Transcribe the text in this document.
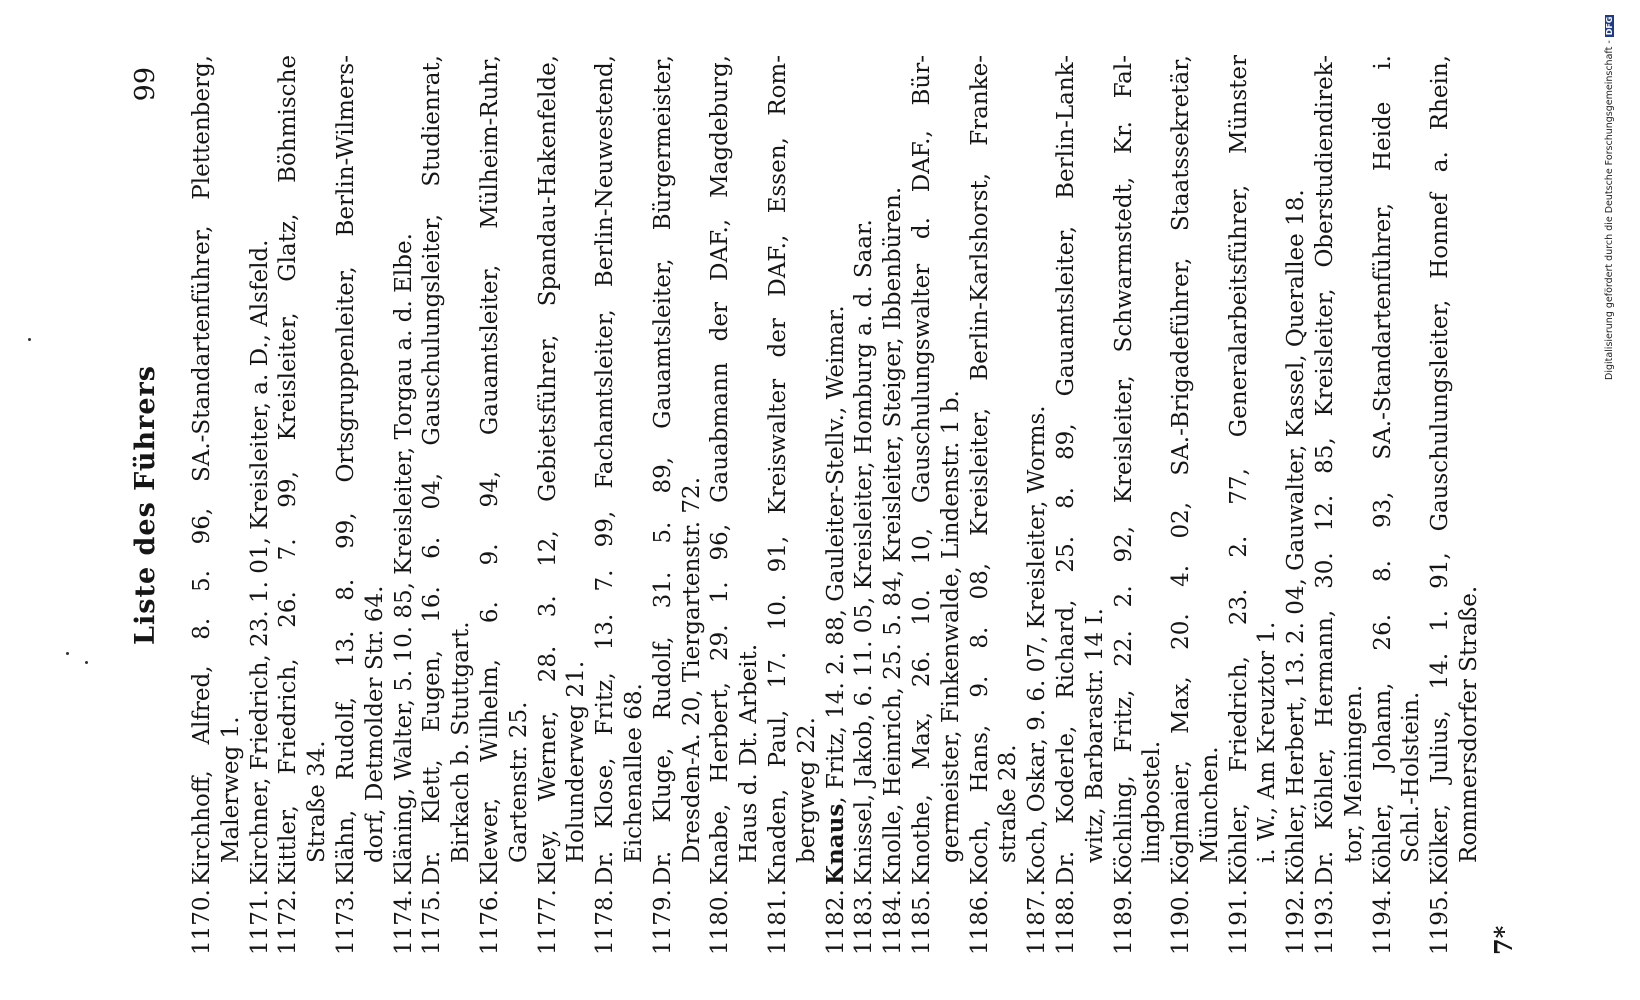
Liste des Führers
99
1170.
Kirchhoff, Alfred, 8. 5. 96, SA.-Standartenführer, Plettenberg, Malerweg 1.
1171.
Kirchner, Friedrich, 23. 1. 01, Kreisleiter, a. D., Alsfeld.
1172.
Kittler, Friedrich, 26. 7. 99, Kreisleiter, Glatz, Böhmische Straße 34.
1173.
Klähn, Rudolf, 13. 8. 99, Ortsgruppenleiter, Berlin-Wilmers- dorf, Detmolder Str. 64.
1174.
Kläning, Walter, 5. 10. 85, Kreisleiter, Torgau a. d. Elbe.
1175.
Dr. Klett, Eugen, 16. 6. 04, Gauschulungsleiter, Studienrat, Birkach b. Stuttgart.
1176.
Klewer, Wilhelm, 6. 9. 94, Gauamtsleiter, Mülheim-Ruhr, Gartenstr. 25.
1177.
Kley, Werner, 28. 3. 12, Gebietsführer, Spandau-Hakenfelde, Holunderweg 21.
1178.
Dr. Klose, Fritz, 13. 7. 99, Fachamtsleiter, Berlin-Neuwestend, Eichenallee 68.
1179.
Dr. Kluge, Rudolf, 31. 5. 89, Gauamtsleiter, Bürgermeister, Dresden-A. 20, Tiergartenstr. 72.
1180.
Knabe, Herbert, 29. 1. 96, Gauabmann der DAF., Magdeburg, Haus d. Dt. Arbeit.
1181.
Knaden, Paul, 17. 10. 91, Kreiswalter der DAF., Essen, Rom- bergweg 22.
1182.
Knaus, Fritz, 14. 2. 88, Gauleiter-Stellv., Weimar.
1183.
Knissel, Jakob, 6. 11. 05, Kreisleiter, Homburg a. d. Saar.
1184.
Knolle, Heinrich, 25. 5. 84, Kreisleiter, Steiger, Ibbenbüren.
1185.
Knothe, Max, 26. 10. 10, Gauschulungswalter d. DAF., Bür- germeister, Finkenwalde, Lindenstr. 1 b.
1186.
Koch, Hans, 9. 8. 08, Kreisleiter, Berlin-Karlshorst, Franke- straße 28.
1187.
Koch, Oskar, 9. 6. 07, Kreisleiter, Worms.
1188.
Dr. Koderle, Richard, 25. 8. 89, Gauamtsleiter, Berlin-Lank- witz, Barbarastr. 14 I.
1189.
Köchling, Fritz, 22. 2. 92, Kreisleiter, Schwarmstedt, Kr. Fal- lingbostel.
1190.
Köglmaier, Max, 20. 4. 02, SA.-Brigadeführer, Staatssekretär, München.
1191.
Köhler, Friedrich, 23. 2. 77, Generalarbeitsführer, Münster i. W., Am Kreuztor 1.
1192.
Köhler, Herbert, 13. 2. 04, Gauwalter, Kassel, Querallee 18.
1193.
Dr. Köhler, Hermann, 30. 12. 85, Kreisleiter, Oberstudiendirek- tor, Meiningen.
1194.
Köhler, Johann, 26. 8. 93, SA.-Standartenführer, Heide i. Schl.-Holstein.
1195.
Kölker, Julius, 14. 1. 91, Gauschulungsleiter, Honnef a. Rhein, Rommersdorfer Straße.
7*
Digitalisierung gefördert durch die Deutsche Forschungsgemeinschaft -DFG
